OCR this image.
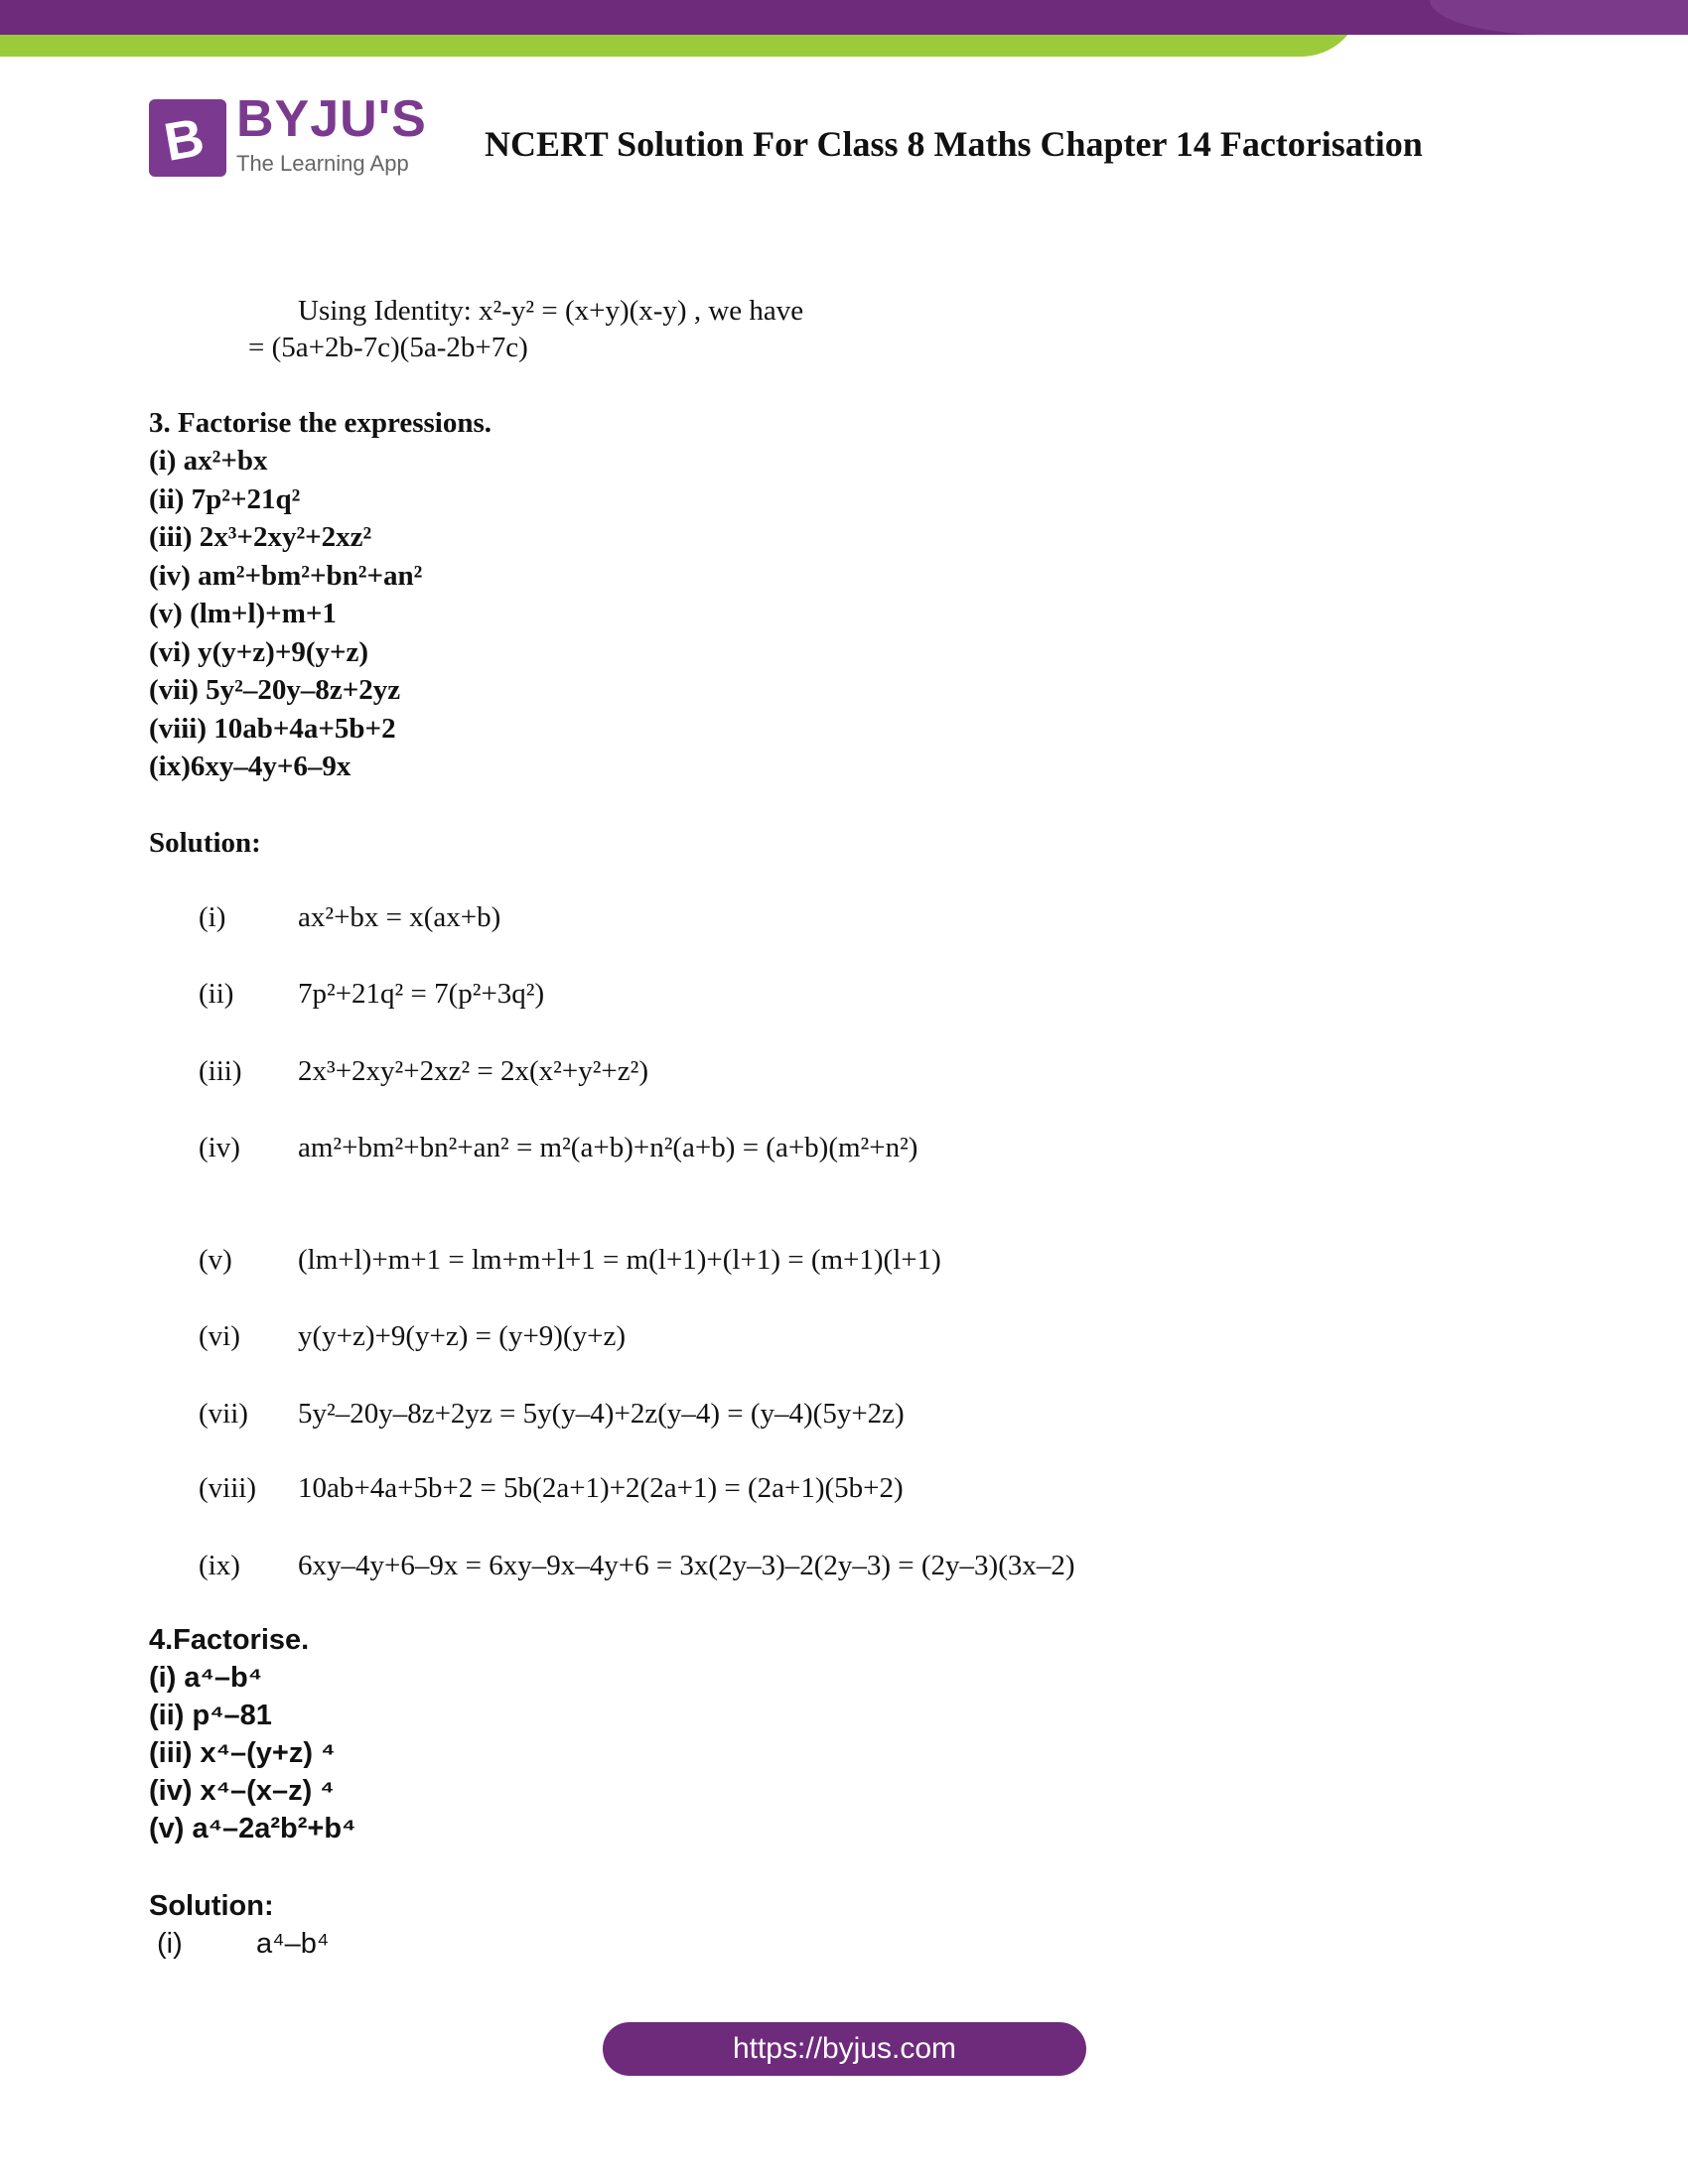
B BYJU'S
The Learning App NCERT Solution For Class 8 Maths Chapter 14 Factorisation
Using Identity: x²-y² = (x+y)(x-y) , we have
= (5a+2b-7c)(5a-2b+7c)
3. Factorise the expressions.
(i) ax²+bx
(ii) 7p²+21q²
(iii) 2x³+2xy²+2xz²
(iv) am²+bm²+bn²+an²
(v) (lm+l)+m+1
(vi) y(y+z)+9(y+z)
(vii) 5y²–20y–8z+2yz
(viii) 10ab+4a+5b+2
(ix)6xy–4y+6–9x
Solution:
(i)	ax²+bx = x(ax+b)
(ii) 7p²+21q² = 7(p²+3q²)
(iii) 2x³+2xy²+2xz² = 2x(x²+y²+z²)
(iv) am²+bm²+bn²+an² = m²(a+b)+n²(a+b) = (a+b)(m²+n²)
(v) (lm+l)+m+1 = lm+m+l+1 = m(l+1)+(l+1) = (m+1)(l+1)
(vi) y(y+z)+9(y+z) = (y+9)(y+z)
(vii) 5y²–20y–8z+2yz = 5y(y–4)+2z(y–4) = (y–4)(5y+2z)
(viii) 10ab+4a+5b+2 = 5b(2a+1)+2(2a+1) = (2a+1)(5b+2)
(ix) 6xy–4y+6–9x = 6xy–9x–4y+6 = 3x(2y–3)–2(2y–3) = (2y–3)(3x–2)
4.Factorise.
(i) a⁴–b⁴
(ii) p⁴–81
(iii) x⁴–(y+z) ⁴
(iv) x⁴–(x–z) ⁴
(v) a⁴–2a²b²+b⁴
Solution:
(i)	a⁴–b⁴
https://byjus.com
